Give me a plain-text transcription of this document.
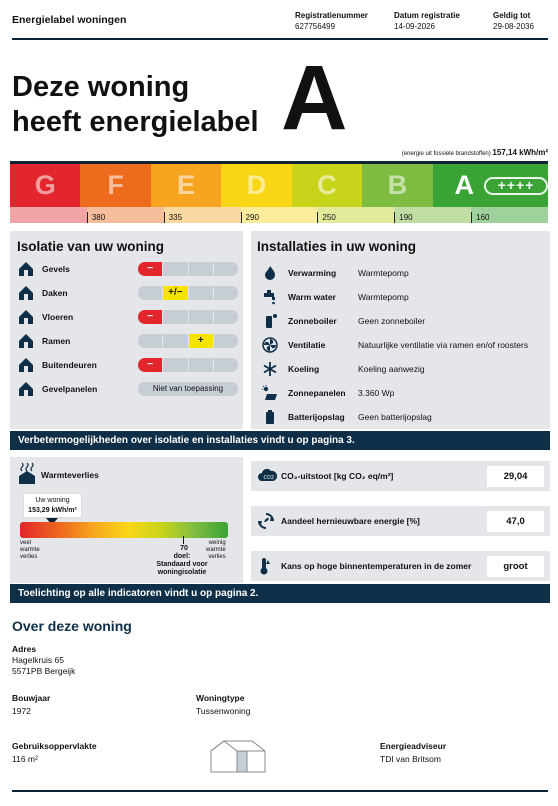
Energielabel woningen	Registratienummer
627756499
Datum registratie
14-09-2026
Geldig tot
29-08-2036
Deze woning
heeft energielabel A
(energie uit fossiele brandstoffen) 157,14 kWh/m²
G F E D C B A	++++
380	335	290	250	190	160
Isolatie van uw woning
Gevels	−
Daken	+/−
Vloeren	−
Ramen	+
Buitendeuren	−
Gevelpanelen	Niet van toepassing
Installaties in uw woning
Verwarming	Warmtepomp
Warm water	Warmtepomp
Zonneboiler	Geen zonneboiler
Ventilatie	Natuurlijke ventilatie via ramen en/of roosters
Koeling	Koeling aanwezig
Zonnepanelen 3.360 Wp
Batterijopslag Geen batterijopslag
Verbetermogelijkheden over isolatie en installaties vindt u op pagina 3.
Warmteverlies
Uw woning
153,29 kWh/m²
veel
warmte
verlies
weinig
warmte
verlies
70
doel:
Standaard voor
woningisolatie
CO2 CO₂-uitstoot [kg CO₂ eq/m²]	29,04
Aandeel hernieuwbare energie [%]	47,0
Kans op hoge binnentemperaturen in de zomer	groot
Toelichting op alle indicatoren vindt u op pagina 2.
Over deze woning
Adres
Hagelkruis 65
5571PB Bergeijk
Bouwjaar
1972
Woningtype
Tussenwoning
Gebruiksoppervlakte
116 m²
Energieadviseur
TDI van Britsom
